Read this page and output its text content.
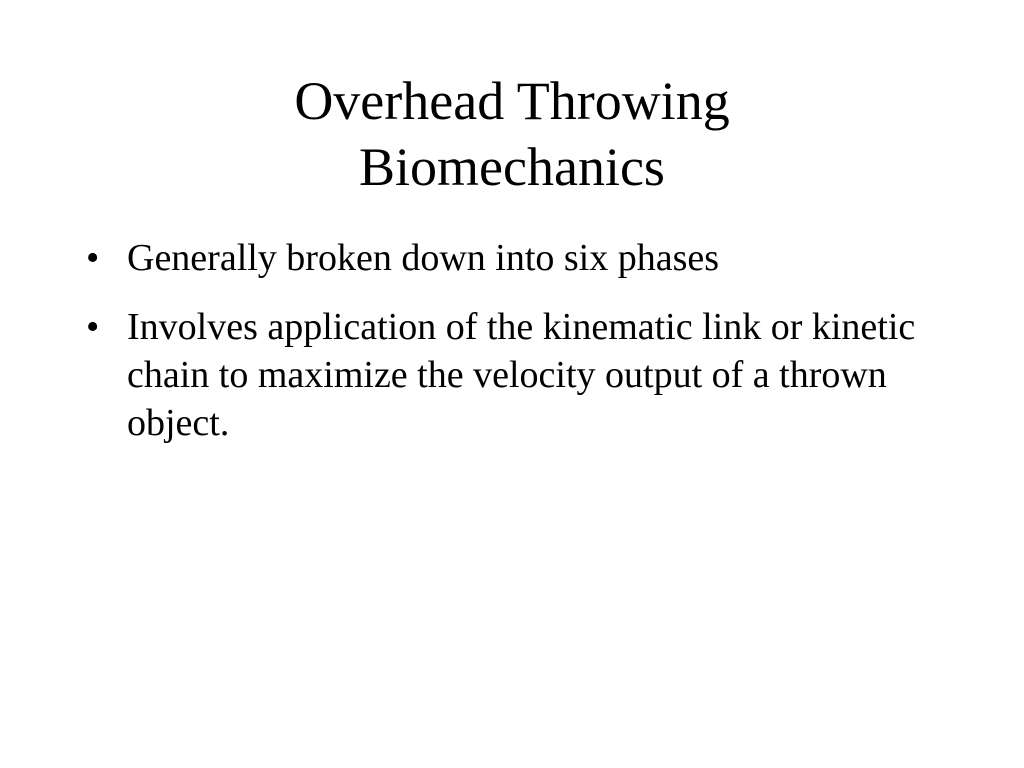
Overhead Throwing
Biomechanics
• Generally broken down into six phases
• Involves application of the kinematic link or kinetic chain to maximize the velocity output of a thrown object.
